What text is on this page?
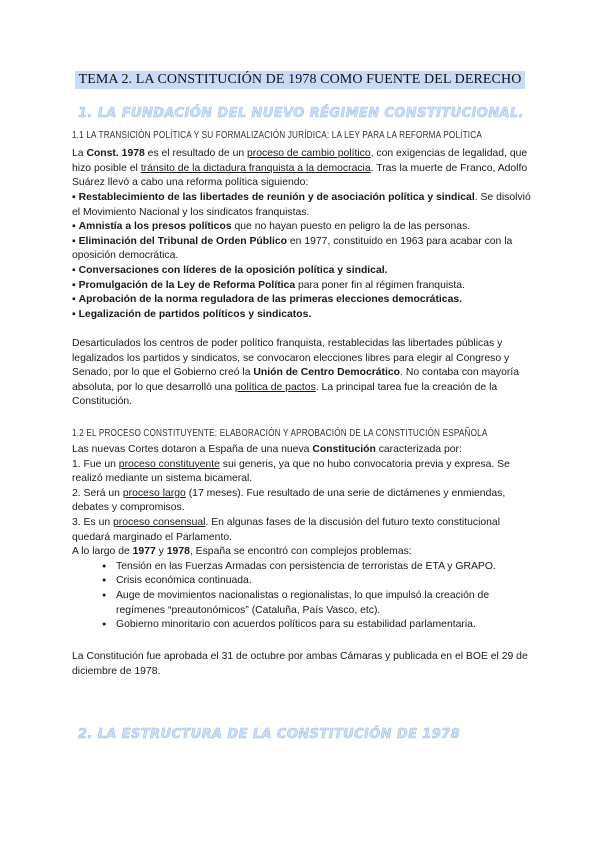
TEMA 2. LA CONSTITUCIÓN DE 1978 COMO FUENTE DEL DERECHO
1. LA FUNDACIÓN DEL NUEVO RÉGIMEN CONSTITUCIONAL.
1.1 LA TRANSICIÓN POLÍTICA Y SU FORMALIZACIÓN JURÍDICA: LA LEY PARA LA REFORMA POLÍTICA

La Const. 1978 es el resultado de un proceso de cambio político, con exigencias de legalidad, que hizo posible el tránsito de la dictadura franquista a la democracia. Tras la muerte de Franco, Adolfo Suárez llevó a cabo una reforma política siguiendo:

▪ Restablecimiento de las libertades de reunión y de asociación política y sindical. Se disolvió el Movimiento Nacional y los sindicatos franquistas.

▪ Amnistía a los presos políticos que no hayan puesto en peligro la de las personas.

▪ Eliminación del Tribunal de Orden Público en 1977, constituido en 1963 para acabar con la oposición democrática.

▪ Conversaciones con líderes de la oposición política y sindical.

▪ Promulgación de la Ley de Reforma Política para poner fin al régimen franquista.

▪ Aprobación de la norma reguladora de las primeras elecciones democráticas.

▪ Legalización de partidos políticos y sindicatos.

Desarticulados los centros de poder político franquista, restablecidas las libertades públicas y legalizados los partidos y sindicatos, se convocaron elecciones libres para elegir al Congreso y Senado, por lo que el Gobierno creó la Unión de Centro Democrático. No contaba con mayoría absoluta, por lo que desarrolló una política de pactos. La principal tarea fue la creación de la Constitución.

1.2 EL PROCESO CONSTITUYENTE: ELABORACIÓN Y APROBACIÓN DE LA CONSTITUCIÓN ESPAÑOLA

Las nuevas Cortes dotaron a España de una nueva Constitución caracterizada por:

1. Fue un proceso constituyente sui generis, ya que no hubo convocatoria previa y expresa. Se realizó mediante un sistema bicameral.

2. Será un proceso largo (17 meses). Fue resultado de una serie de dictámenes y enmiendas, debates y compromisos.

3. Es un proceso consensual. En algunas fases de la discusión del futuro texto constitucional quedará marginado el Parlamento.

A lo largo de 1977 y 1978, España se encontró con complejos problemas:

● Tensión en las Fuerzas Armadas con persistencia de terroristas de ETA y GRAPO.
● Crisis económica continuada.
● Auge de movimientos nacionalistas o regionalistas, lo que impulsó la creación de regímenes “preautonómicos” (Cataluña, País Vasco, etc).
● Gobierno minoritario con acuerdos políticos para su estabilidad parlamentaria.

La Constitución fue aprobada el 31 de octubre por ambas Cámaras y publicada en el BOE el 29 de diciembre de 1978.

2. LA ESTRUCTURA DE LA CONSTITUCIÓN DE 1978
